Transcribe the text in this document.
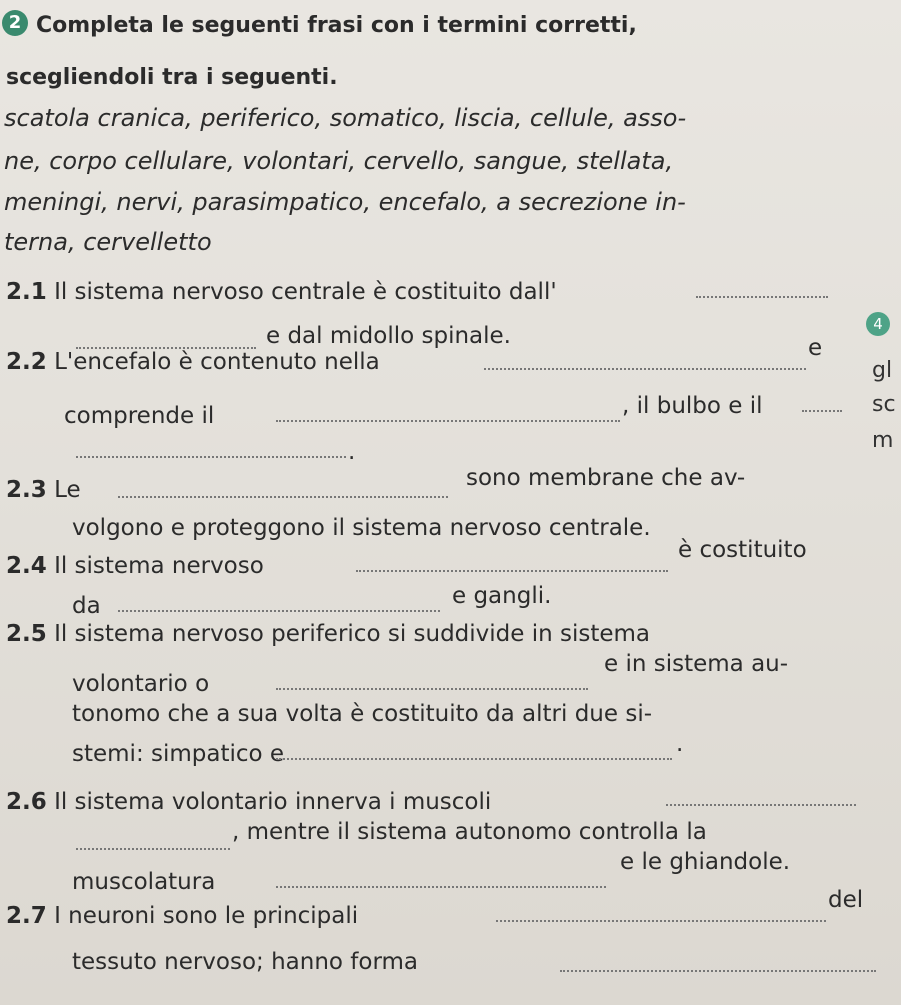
2 Completa le seguenti frasi con i termini corretti,
scegliendoli tra i seguenti.
scatola cranica, periferico, somatico, liscia, cellule, asso-
ne, corpo cellulare, volontari, cervello, sangue, stellata,
meningi, nervi, parasimpatico, encefalo, a secrezione in-
terna, cervelletto
2.1 Il sistema nervoso centrale è costituito dall'
e dal midollo spinale.
2.2 L'encefalo è contenuto nella
e
comprende il	, il bulbo e il
.
2.3 Le	sono membrane che av-
volgono e proteggono il sistema nervoso centrale.
2.4 Il sistema nervoso
è costituito
da	e gangli.
2.5 Il sistema nervoso periferico si suddivide in sistema
volontario o
e in sistema au-
tonomo che a sua volta è costituito da altri due si-
stemi: simpatico e	.
2.6 Il sistema volontario innerva i muscoli
, mentre il sistema autonomo controlla la
muscolatura
e le ghiandole.
2.7 I neuroni sono le principali
del
tessuto nervoso; hanno forma
4
gl
sc
m
